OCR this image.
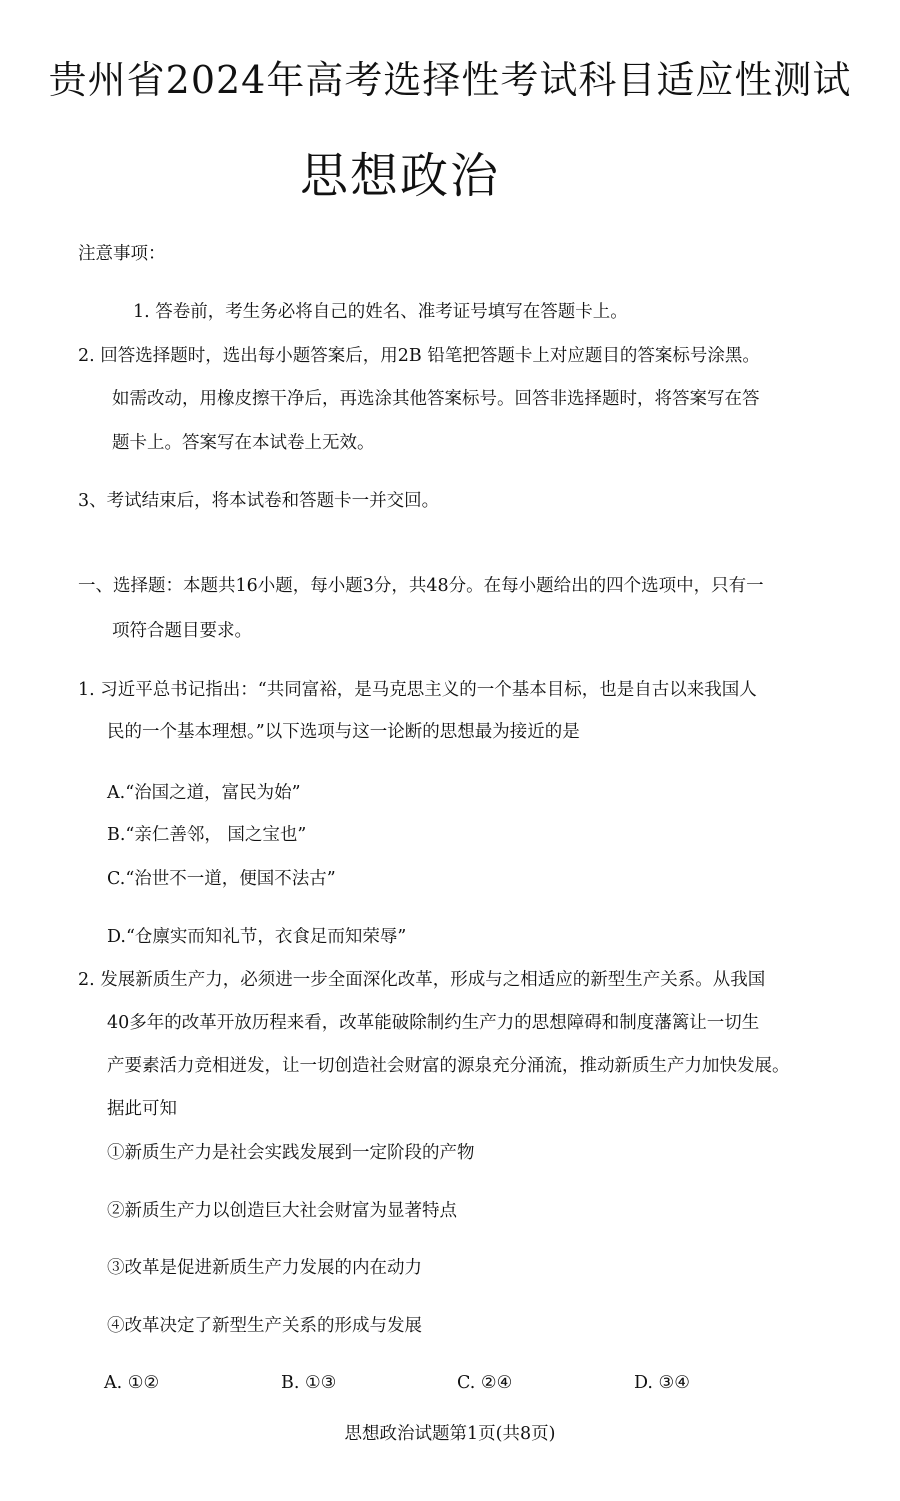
贵州省2024年高考选择性考试科目适应性测试
思想政治
注意事项：
1. 答卷前，考生务必将自己的姓名、准考证号填写在答题卡上。
2. 回答选择题时，选出每小题答案后，用2B 铅笔把答题卡上对应题目的答案标号涂黑。
如需改动，用橡皮擦干净后，再选涂其他答案标号。回答非选择题时，将答案写在答
题卡上。答案写在本试卷上无效。
3、考试结束后，将本试卷和答题卡一并交回。
一、选择题：本题共16小题，每小题3分，共48分。在每小题给出的四个选项中，只有一
项符合题目要求。
1. 习近平总书记指出：“共同富裕，是马克思主义的一个基本目标，也是自古以来我国人
民的一个基本理想。”以下选项与这一论断的思想最为接近的是
A.“治国之道，富民为始”
B.“亲仁善邻， 国之宝也”
C.“治世不一道，便国不法古”
D.“仓廪实而知礼节，衣食足而知荣辱”
2. 发展新质生产力，必须进一步全面深化改革，形成与之相适应的新型生产关系。从我国
40多年的改革开放历程来看，改革能破除制约生产力的思想障碍和制度藩篱让一切生
产要素活力竞相迸发，让一切创造社会财富的源泉充分涌流，推动新质生产力加快发展。
据此可知
①新质生产力是社会实践发展到一定阶段的产物
②新质生产力以创造巨大社会财富为显著特点
③改革是促进新质生产力发展的内在动力
④改革决定了新型生产关系的形成与发展
A. ①②	B. ①③	C. ②④	D. ③④
思想政治试题第1页(共8页)
